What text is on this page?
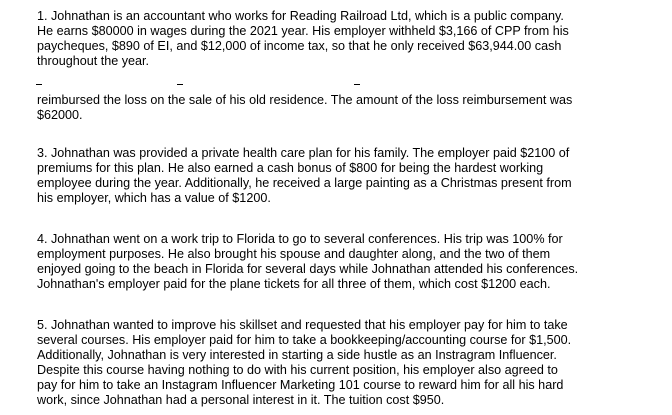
1. Johnathan is an accountant who works for Reading Railroad Ltd, which is a public company.
He earns $80000 in wages during the 2021 year. His employer withheld $3,166 of CPP from his
paycheques, $890 of EI, and $12,000 of income tax, so that he only received $63,944.00 cash
throughout the year.

reimbursed the loss on the sale of his old residence. The amount of the loss reimbursement was
$62000.

3. Johnathan was provided a private health care plan for his family. The employer paid $2100 of
premiums for this plan. He also earned a cash bonus of $800 for being the hardest working
employee during the year. Additionally, he received a large painting as a Christmas present from
his employer, which has a value of $1200.

4. Johnathan went on a work trip to Florida to go to several conferences. His trip was 100% for
employment purposes. He also brought his spouse and daughter along, and the two of them
enjoyed going to the beach in Florida for several days while Johnathan attended his conferences.
Johnathan's employer paid for the plane tickets for all three of them, which cost $1200 each.

5. Johnathan wanted to improve his skillset and requested that his employer pay for him to take
several courses. His employer paid for him to take a bookkeeping/accounting course for $1,500.
Additionally, Johnathan is very interested in starting a side hustle as an Instragram Influencer.
Despite this course having nothing to do with his current position, his employer also agreed to
pay for him to take an Instagram Influencer Marketing 101 course to reward him for all his hard
work, since Johnathan had a personal interest in it. The tuition cost $950.
